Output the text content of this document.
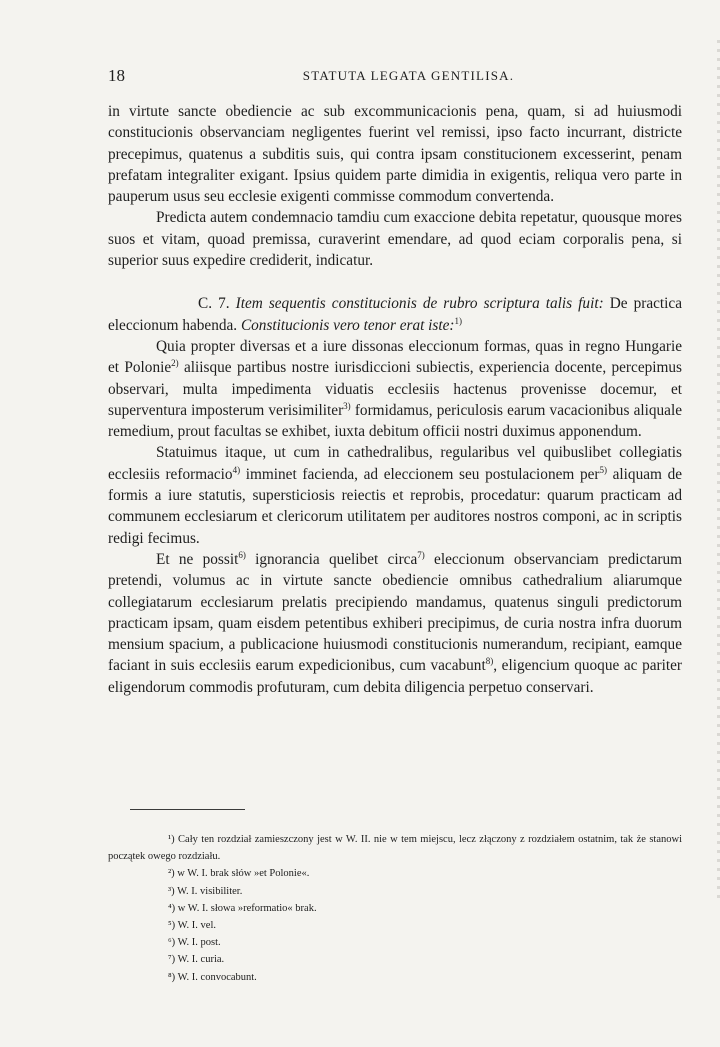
18	STATUTA LEGATA GENTILISA.

in virtute sancte obediencie ac sub excommunicacionis pena, quam, si ad huiusmodi constitucionis observanciam negligentes fuerint vel remissi, ipso facto incurrant, districte precepimus, quatenus a subditis suis, qui contra ipsam constitucionem excesserint, penam prefatam integraliter exigant. Ipsius quidem parte dimidia in exigentis, reliqua vero parte in pauperum usus seu ecclesie exigenti commisse commodum convertenda.

Predicta autem condemnacio tamdiu cum exaccione debita repetatur, quousque mores suos et vitam, quoad premissa, curaverint emendare, ad quod eciam corporalis pena, si superior suus expedire crediderit, indicatur.

C. 7. Item sequentis constitucionis de rubro scriptura talis fuit: De practica eleccionum habenda. Constitucionis vero tenor erat iste:$^{1)}$

Quia propter diversas et a iure dissonas eleccionum formas, quas in regno Hungarie et Polonie$^{2)}$ aliisque partibus nostre iurisdiccioni subiectis, experiencia docente, percepimus observari, multa impedimenta viduatis ecclesiis hactenus provenisse docemur, et superventura imposterum verisimiliter$^{3)}$ formidamus, periculosis earum vacacionibus aliquale remedium, prout facultas se exhibet, iuxta debitum officii nostri duximus apponendum.

Statuimus itaque, ut cum in cathedralibus, regularibus vel quibuslibet collegiatis ecclesiis reformacio$^{4)}$ imminet facienda, ad eleccionem seu postulacionem per$^{5)}$ aliquam de formis a iure statutis, supersticiosis reiectis et reprobis, procedatur: quarum practicam ad communem ecclesiarum et clericorum utilitatem per auditores nostros componi, ac in scriptis redigi fecimus.

Et ne possit$^{6)}$ ignorancia quelibet circa$^{7)}$ eleccionum observanciam predictarum pretendi, volumus ac in virtute sancte obediencie omnibus cathedralium aliarumque collegiatarum ecclesiarum prelatis precipiendo mandamus, quatenus singuli predictorum practicam ipsam, quam eisdem petentibus exhiberi precipimus, de curia nostra infra duorum mensium spacium, a publicacione huiusmodi constitucionis numerandum, recipiant, eamque faciant in suis ecclesiis earum expedicionibus, cum vacabunt$^{8)}$, eligencium quoque ac pariter eligendorum commodis profuturam, cum debita diligencia perpetuo conservari.

¹) Cały ten rozdział zamieszczony jest w W. II. nie w tem miejscu, lecz złączony z rozdziałem ostatnim, tak że stanowi początek owego rozdziału.

²) w W. I. brak słów »et Polonie«.

³) W. I. visibiliter.

⁴) w W. I. słowa »reformatio« brak.

⁵) W. I. vel.

⁶) W. I. post.

⁷) W. I. curia.

⁸) W. I. convocabunt.
